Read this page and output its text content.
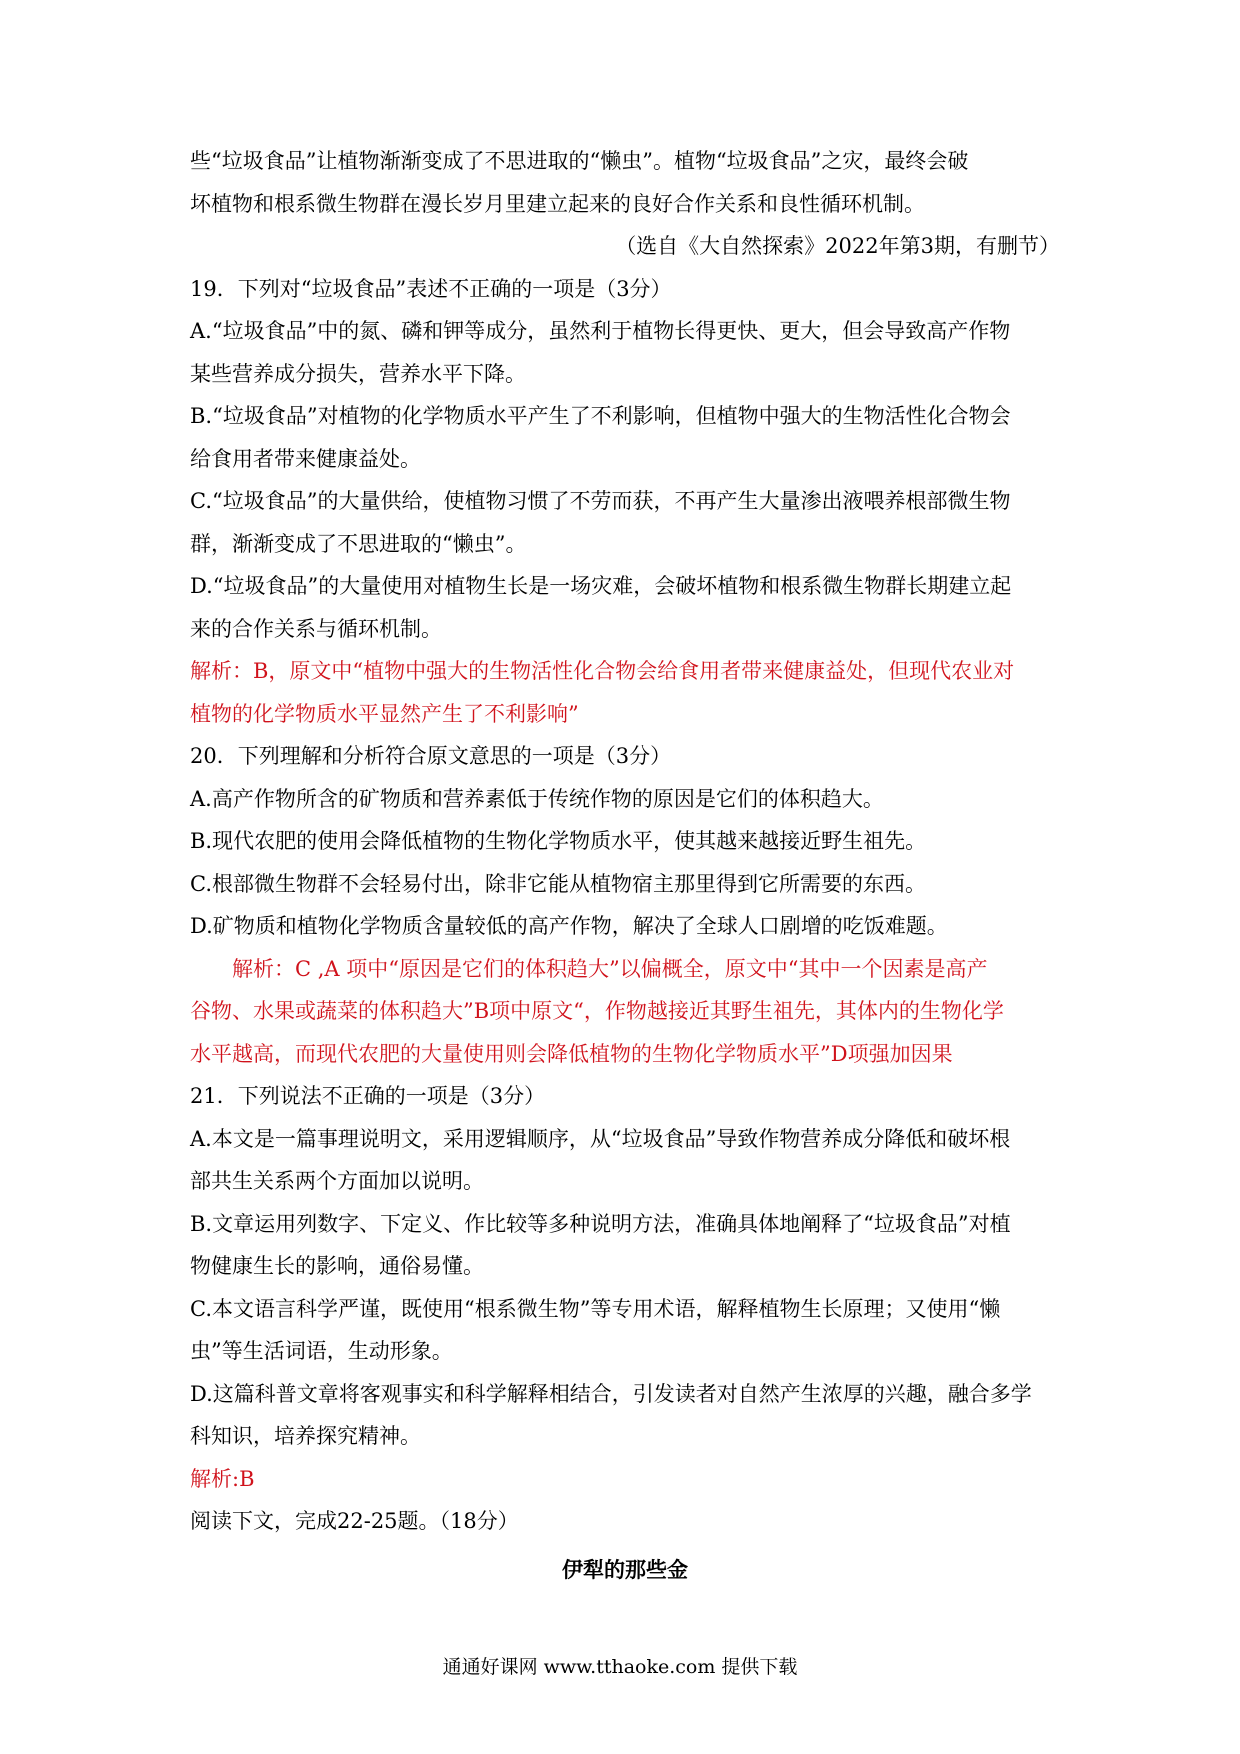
些“垃圾食品”让植物渐渐变成了不思进取的“懒虫”。植物“垃圾食品”之灾，最终会破
坏植物和根系微生物群在漫长岁月里建立起来的良好合作关系和良性循环机制。
（选自《大自然探索》2022年第3期，有删节）
19．下列对“垃圾食品”表述不正确的一项是（3分）
A.“垃圾食品”中的氮、磷和钾等成分，虽然利于植物长得更快、更大，但会导致高产作物
某些营养成分损失，营养水平下降。
B.“垃圾食品”对植物的化学物质水平产生了不利影响，但植物中强大的生物活性化合物会
给食用者带来健康益处。
C.“垃圾食品”的大量供给，使植物习惯了不劳而获，不再产生大量渗出液喂养根部微生物
群，渐渐变成了不思进取的“懒虫”。
D.“垃圾食品”的大量使用对植物生长是一场灾难，会破坏植物和根系微生物群长期建立起
来的合作关系与循环机制。
解析：B，原文中“植物中强大的生物活性化合物会给食用者带来健康益处，但现代农业对
植物的化学物质水平显然产生了不利影响”
20．下列理解和分析符合原文意思的一项是（3分）
A.高产作物所含的矿物质和营养素低于传统作物的原因是它们的体积趋大。
B.现代农肥的使用会降低植物的生物化学物质水平，使其越来越接近野生祖先。
C.根部微生物群不会轻易付出，除非它能从植物宿主那里得到它所需要的东西。
D.矿物质和植物化学物质含量较低的高产作物，解决了全球人口剧增的吃饭难题。
解析：C ,A 项中“原因是它们的体积趋大”以偏概全，原文中“其中一个因素是高产
谷物、水果或蔬菜的体积趋大”B项中原文“，作物越接近其野生祖先，其体内的生物化学
水平越高，而现代农肥的大量使用则会降低植物的生物化学物质水平”D项强加因果
21．下列说法不正确的一项是（3分）
A.本文是一篇事理说明文，采用逻辑顺序，从“垃圾食品”导致作物营养成分降低和破坏根
部共生关系两个方面加以说明。
B.文章运用列数字、下定义、作比较等多种说明方法，准确具体地阐释了“垃圾食品”对植
物健康生长的影响，通俗易懂。
C.本文语言科学严谨，既使用“根系微生物”等专用术语，解释植物生长原理；又使用“懒
虫”等生活词语，生动形象。
D.这篇科普文章将客观事实和科学解释相结合，引发读者对自然产生浓厚的兴趣，融合多学
科知识，培养探究精神。
解析:B
阅读下文，完成22-25题。（18分）
伊犁的那些金
通通好课网 www.tthaoke.com 提供下载
